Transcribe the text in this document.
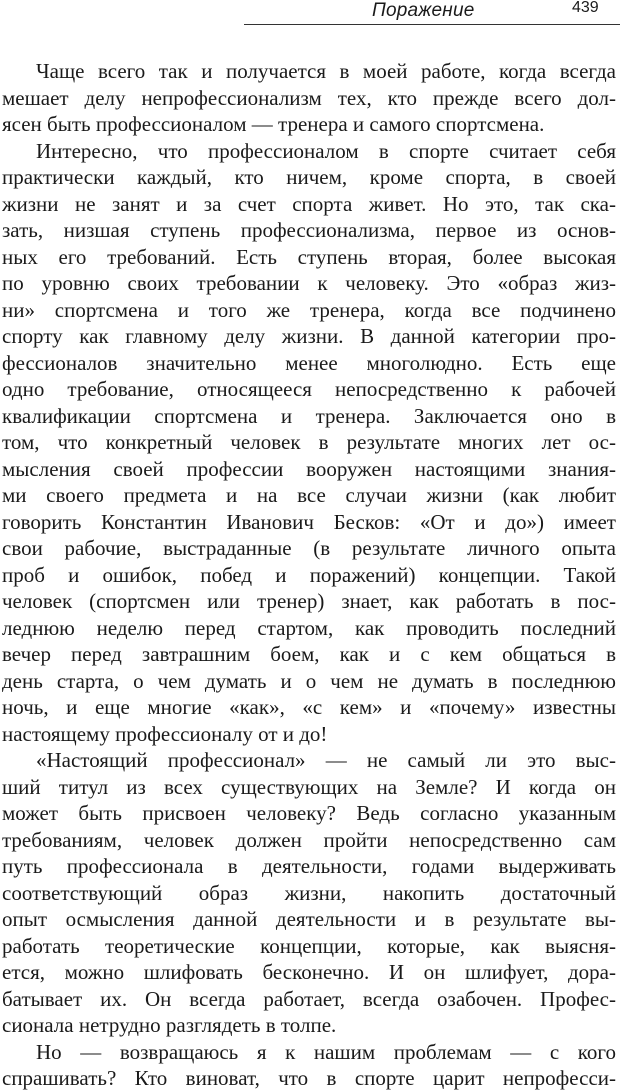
Поражение	439
Чаще всего так и получается в моей работе, когда всегда
мешает делу непрофессионализм тех, кто прежде всего дол-
ясен быть профессионалом — тренера и самого спортсмена.
Интересно, что профессионалом в спорте считает себя
практически каждый, кто ничем, кроме спорта, в своей
жизни не занят и за счет спорта живет. Но это, так ска-
зать, низшая ступень профессионализма, первое из основ-
ных его требований. Есть ступень вторая, более высокая
по уровню своих требовании к человеку. Это «образ жиз-
ни» спортсмена и того же тренера, когда все подчинено
спорту как главному делу жизни. В данной категории про-
фессионалов значительно менее многолюдно. Есть еще
одно требование, относящееся непосредственно к рабочей
квалификации спортсмена и тренера. Заключается оно в
том, что конкретный человек в результате многих лет ос-
мысления своей профессии вооружен настоящими знания-
ми своего предмета и на все случаи жизни (как любит
говорить Константин Иванович Бесков: «От и до») имеет
свои рабочие, выстраданные (в результате личного опыта
проб и ошибок, побед и поражений) концепции. Такой
человек (спортсмен или тренер) знает, как работать в пос-
леднюю неделю перед стартом, как проводить последний
вечер перед завтрашним боем, как и с кем общаться в
день старта, о чем думать и о чем не думать в последнюю
ночь, и еще многие «как», «с кем» и «почему» известны
настоящему профессионалу от и до!
«Настоящий профессионал» — не самый ли это выс-
ший титул из всех существующих на Земле? И когда он
может быть присвоен человеку? Ведь согласно указанным
требованиям, человек должен пройти непосредственно сам
путь профессионала в деятельности, годами выдерживать
соответствующий образ жизни, накопить достаточный
опыт осмысления данной деятельности и в результате вы-
работать теоретические концепции, которые, как выясня-
ется, можно шлифовать бесконечно. И он шлифует, дора-
батывает их. Он всегда работает, всегда озабочен. Профес-
сионала нетрудно разглядеть в толпе.
Но — возвращаюсь я к нашим проблемам — с кого
спрашивать? Кто виноват, что в спорте царит непрофесси-
